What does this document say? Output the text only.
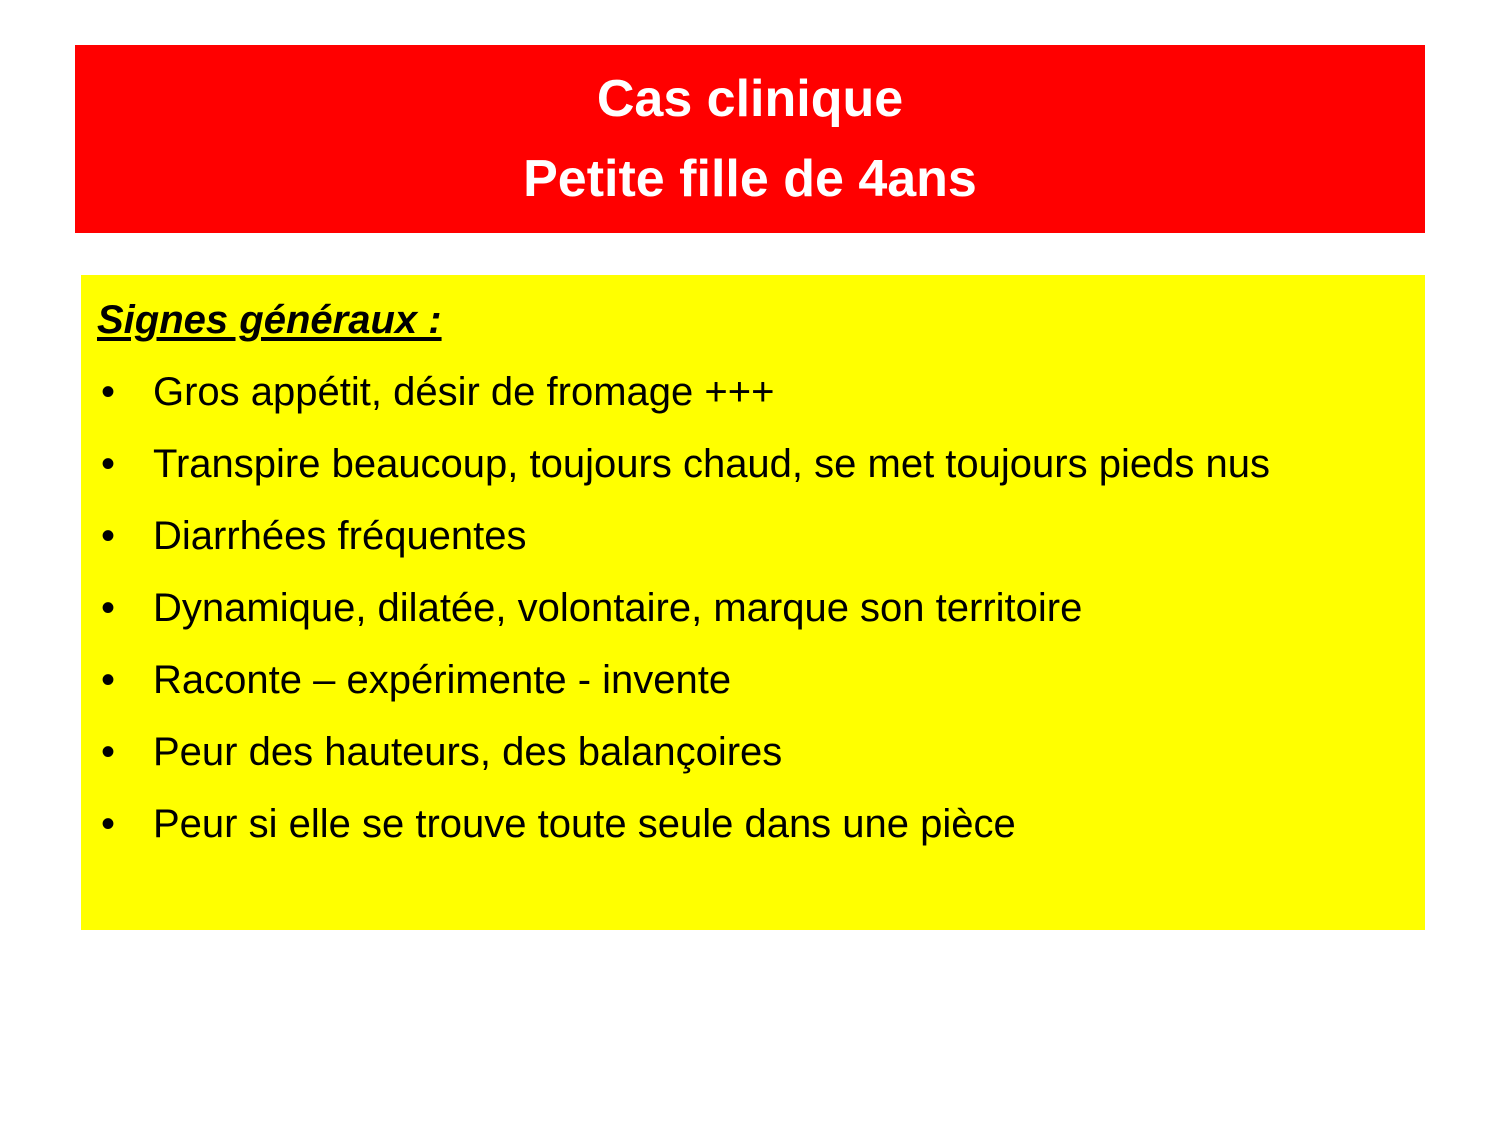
Cas clinique
Petite fille de 4ans
Signes généraux :
• Gros appétit, désir de fromage +++
• Transpire beaucoup, toujours chaud, se met toujours pieds nus
• Diarrhées fréquentes
• Dynamique, dilatée, volontaire, marque son territoire
• Raconte – expérimente - invente
• Peur des hauteurs, des balançoires
• Peur si elle se trouve toute seule dans une pièce
